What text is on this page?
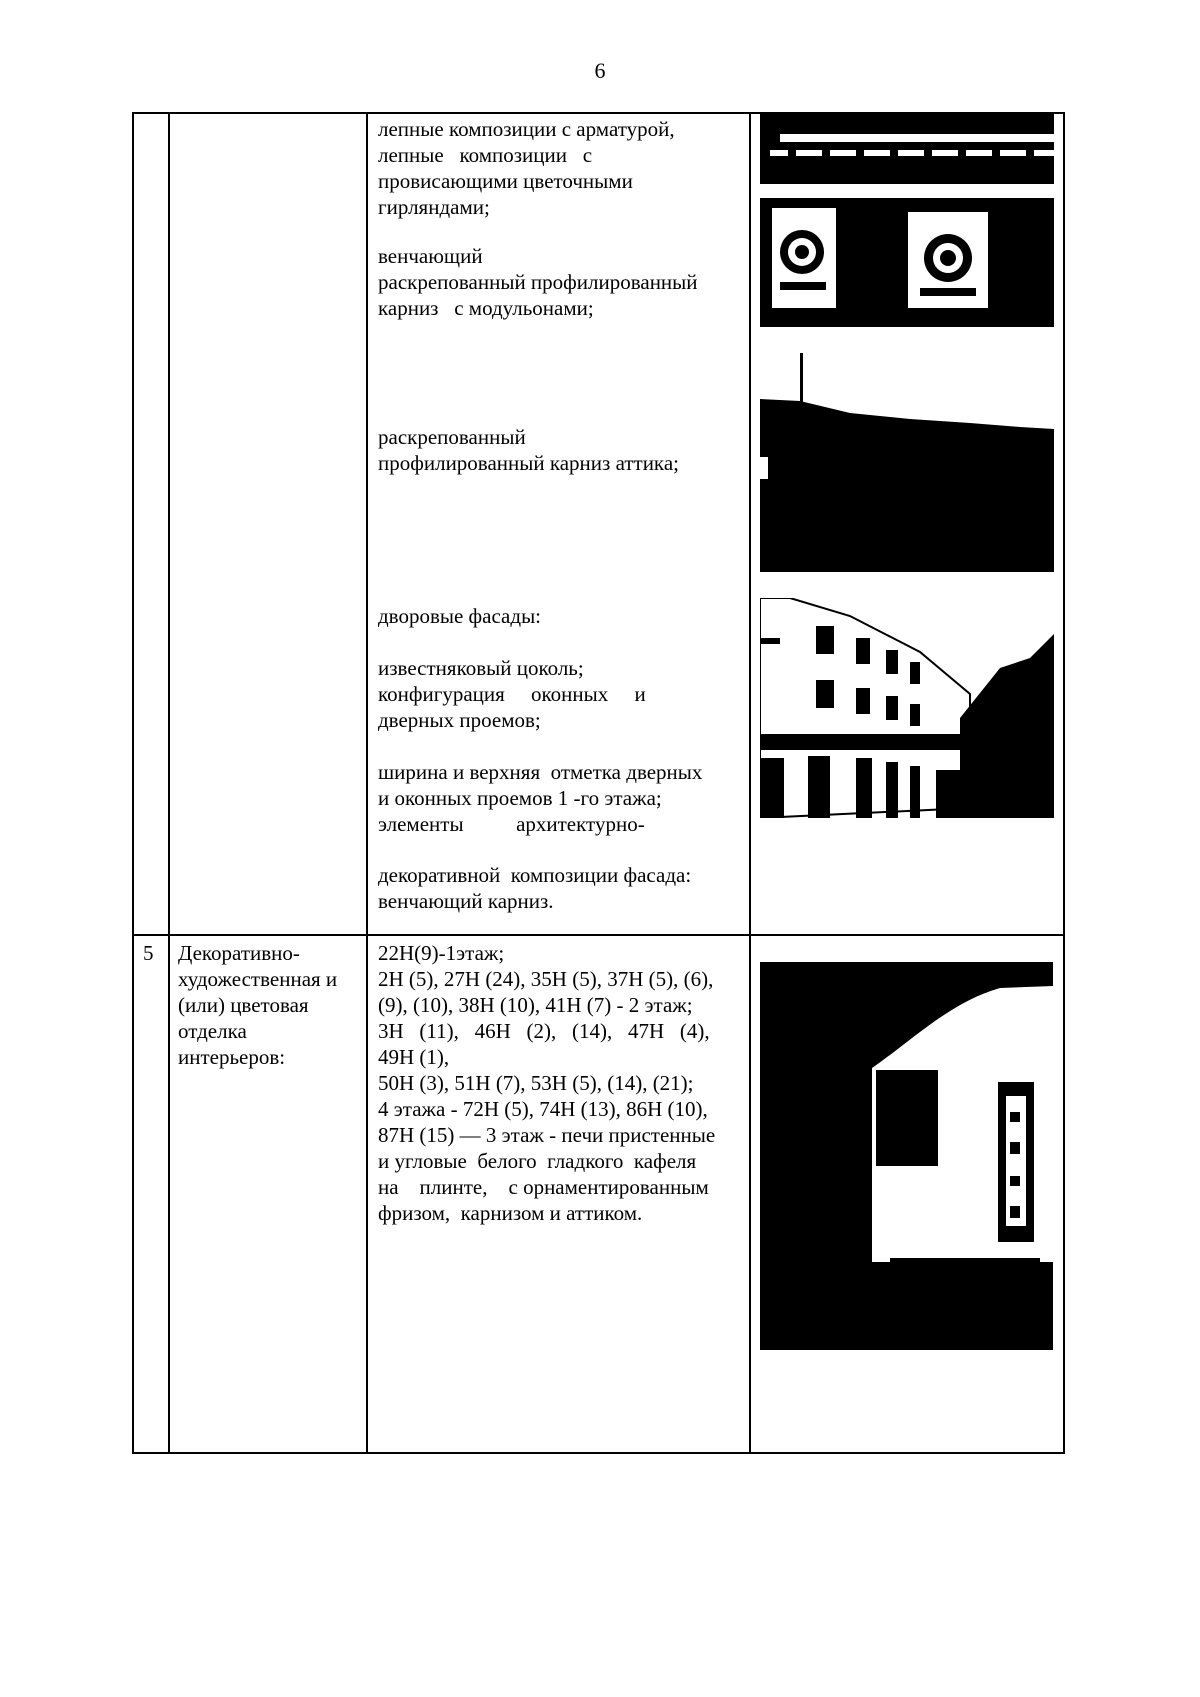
6
лепные композиции с арматурой,
лепные   композиции   с
провисающими цветочными
гирляндами;
венчающий
раскрепованный профилированный
карниз   с модульонами;
раскрепованный
профилированный карниз аттика;
дворовые фасады:
известняковый цоколь;
конфигурация     оконных     и
дверных проемов;
ширина и верхняя  отметка дверных
и оконных проемов 1 -го этажа;
элементы          архитектурно-
декоративной  композиции фасада:
венчающий карниз.
5 Декоративно-
художественная и
(или) цветовая
отделка
интерьеров:
22Н(9)-1этаж;
2Н (5), 27Н (24), 35Н (5), 37Н (5), (6),
(9), (10), 38Н (10), 41Н (7) - 2 этаж;
3Н   (11),   46Н   (2),   (14),   47Н   (4),
49Н (1),
50Н (3), 51Н (7), 53Н (5), (14), (21);
4 этажа - 72Н (5), 74Н (13), 86Н (10),
87Н (15) — 3 этаж - печи пристенные
и угловые  белого  гладкого  кафеля
на    плинте,    с орнаментированным
фризом,  карнизом и аттиком.
